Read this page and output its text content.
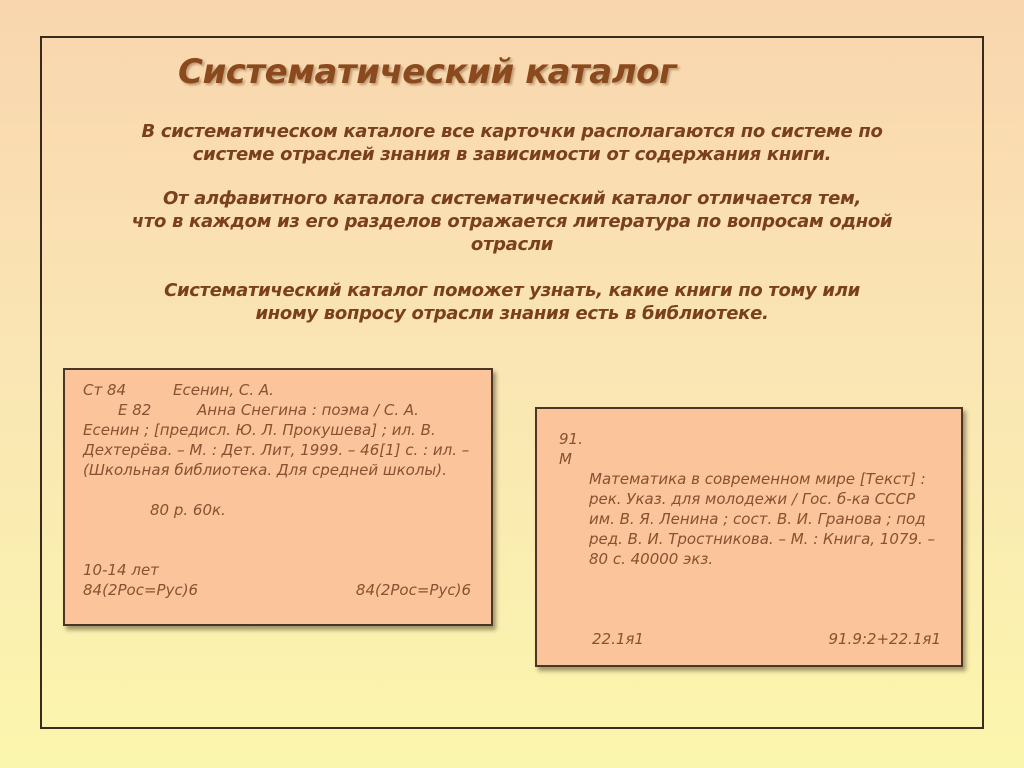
Систематический каталог

В систематическом каталоге все карточки располагаются по системе по
системе отраслей знания в зависимости от содержания книги.

От алфавитного каталога систематический каталог отличается тем,
что в каждом из его разделов отражается литература по вопросам одной
отрасли

Систематический каталог поможет узнать, какие книги по тому или
иному вопросу отрасли знания есть в библиотеке.

Ст 84	Есенин, С. А.
Е 82	Анна Снегина : поэма / С. А.

Есенин ; [предисл. Ю. Л. Прокушева] ; ил. В. Дехтерёва. – М. : Дет. Лит, 1999. – 46[1] с. : ил. – (Школьная библиотека. Для средней школы).

80 р. 60к.
10-14 лет
84(2Рос=Рус)6	84(2Рос=Рус)6
91.
М

Математика в современном мире [Текст] : рек. Указ. для молодежи / Гос. б-ка СССР им. В. Я. Ленина ; сост. В. И. Гранова ; под ред. В. И. Тростникова. – М. : Книга, 1079. – 80 с. 40000 экз.

22.1я1	91.9:2+22.1я1
